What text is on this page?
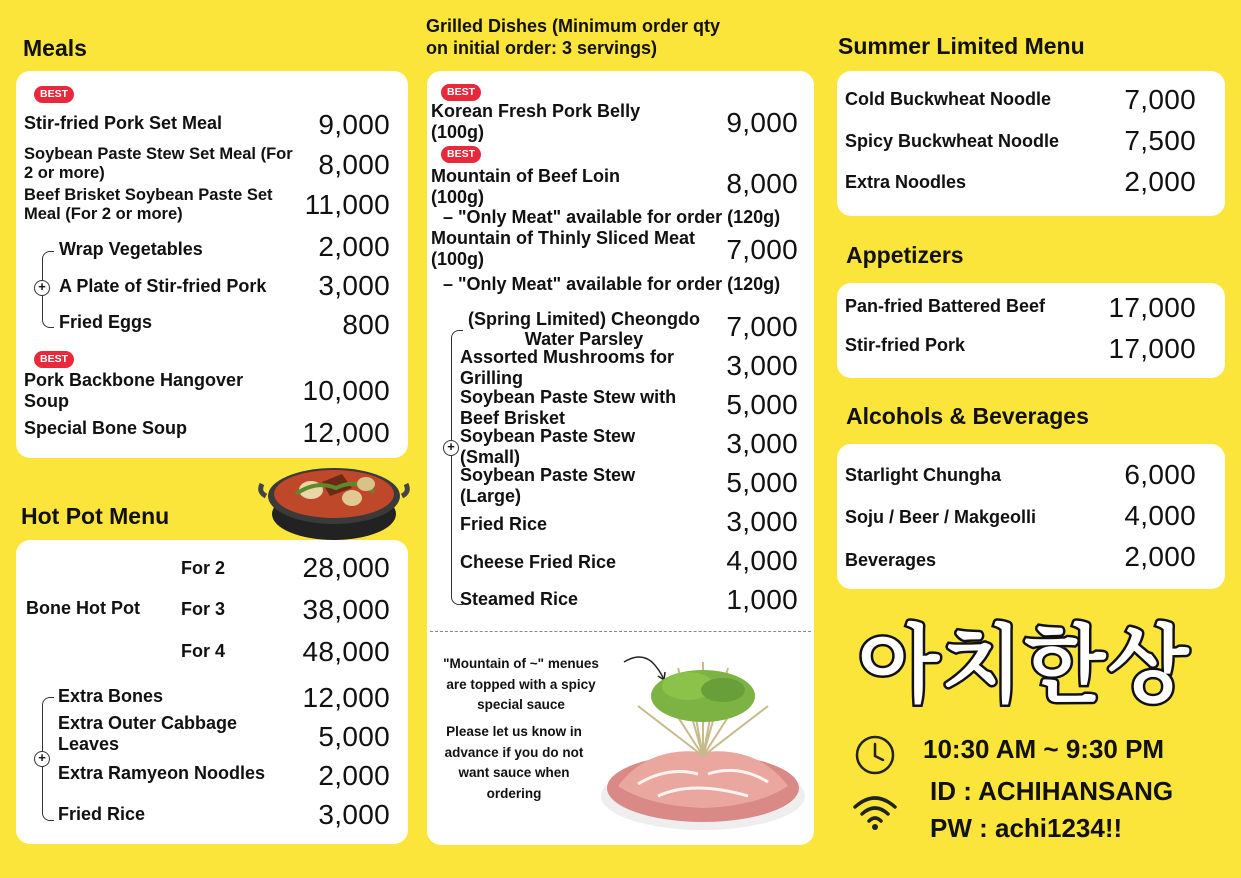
Meals
BEST
Stir-fried Pork Set Meal	9,000
Soybean Paste Stew Set Meal (For 2 or more)	8,000
Beef Brisket Soybean Paste Set Meal (For 2 or more)	11,000
+
Wrap Vegetables	2,000
A Plate of Stir-fried Pork	3,000
Fried Eggs	800
BEST
Pork Backbone Hangover Soup	10,000
Special Bone Soup	12,000
Hot Pot Menu
Bone Hot Pot
For 2	28,000
For 3	38,000
For 4	48,000
+
Extra Bones	12,000
Extra Outer Cabbage Leaves	5,000
Extra Ramyeon Noodles	2,000
Fried Rice	3,000
Grilled Dishes (Minimum order qty on initial order: 3 servings)
BEST
Korean Fresh Pork Belly (100g)	9,000
BEST
Mountain of Beef Loin (100g)	8,000
– "Only Meat" available for order (120g)
Mountain of Thinly Sliced Meat (100g)	7,000
– "Only Meat" available for order (120g)
+
(Spring Limited) Cheongdo Water Parsley	7,000
Assorted Mushrooms for Grilling	3,000
Soybean Paste Stew with Beef Brisket	5,000
Soybean Paste Stew (Small)	3,000
Soybean Paste Stew (Large)	5,000
Fried Rice	3,000
Cheese Fried Rice	4,000
Steamed Rice	1,000
"Mountain of ~" menues are topped with a spicy special sauce
Please let us know in advance if you do not want sauce when ordering
Summer Limited Menu
Cold Buckwheat Noodle	7,000
Spicy Buckwheat Noodle	7,500
Extra Noodles	2,000
Appetizers
Pan-fried Battered Beef	17,000
Stir-fried Pork	17,000
Alcohols & Beverages
Starlight Chungha	6,000
Soju / Beer / Makgeolli	4,000
Beverages	2,000
아치한상
10:30 AM ~ 9:30 PM
ID : ACHIHANSANG
PW : achi1234!!
